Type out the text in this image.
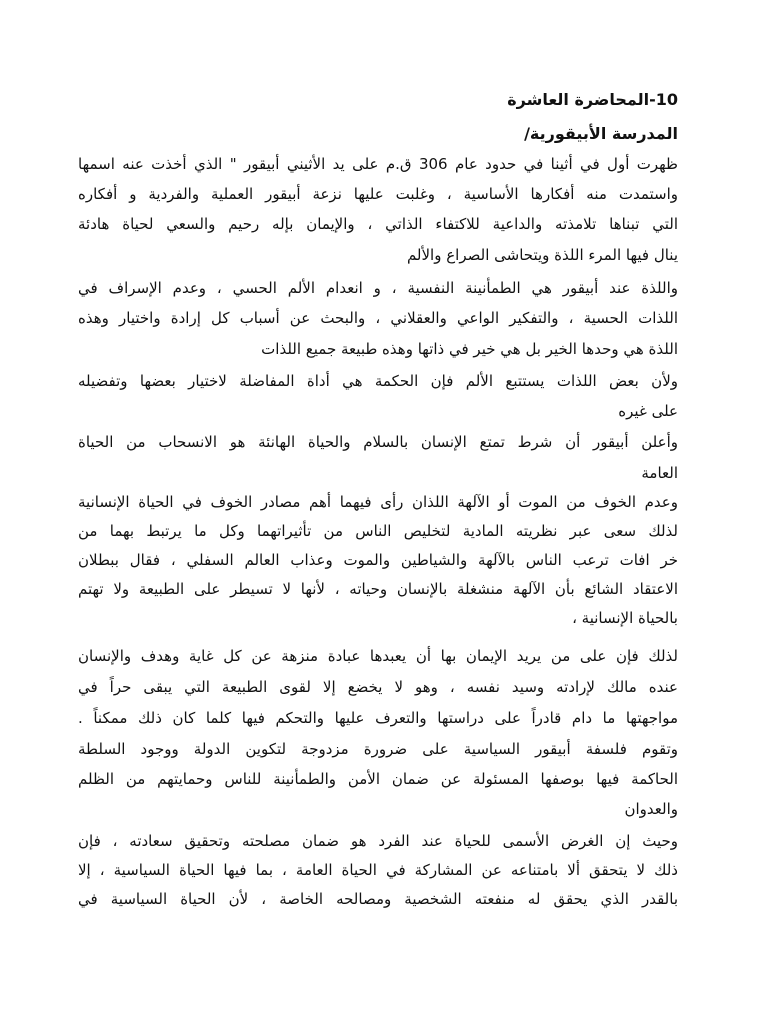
10-المحاضرة العاشرة
المدرسة الأبيقورية/
ظهرت أول في أثينا في حدود عام 306 ق.م على يد الأثيني أبيقور " الذي أخذت عنه اسمها
واستمدت منه أفكارها الأساسية ، وغلبت عليها نزعة أبيقور العملية والفردية و أفكاره
التي تبناها تلامذته والداعية للاكتفاء الذاتي ، والإيمان بإله رحيم والسعي لحياة هادئة
ينال فيها المرء اللذة ويتحاشى الصراع والألم
واللذة عند أبيقور هي الطمأنينة النفسية ، و انعدام الألم الحسي ، وعدم الإسراف في
اللذات الحسية ، والتفكير الواعي والعقلاني ، والبحث عن أسباب كل إرادة واختيار وهذه
اللذة هي وحدها الخير بل هي خير في ذاتها وهذه طبيعة جميع اللذات
ولأن بعض اللذات يستتبع الألم فإن الحكمة هي أداة المفاضلة لاختيار بعضها وتفضيله
على غيره
وأعلن أبيقور أن شرط تمتع الإنسان بالسلام والحياة الهانئة هو الانسحاب من الحياة
العامة
وعدم الخوف من الموت أو الآلهة اللذان رأى فيهما أهم مصادر الخوف في الحياة الإنسانية
لذلك سعى عبر نظريته المادية لتخليص الناس من تأثيراتهما وكل ما يرتبط بهما من
خر افات ترعب الناس بالآلهة والشياطين والموت وعذاب العالم السفلي ، فقال ببطلان
الاعتقاد الشائع بأن الآلهة منشغلة بالإنسان وحياته ، لأنها لا تسيطر على الطبيعة ولا تهتم
بالحياة الإنسانية ،
لذلك فإن على من يريد الإيمان بها أن يعبدها عبادة منزهة عن كل غاية وهدف والإنسان
عنده مالك لإرادته وسيد نفسه ، وهو لا يخضع إلا لقوى الطبيعة التي يبقى حراً في
مواجهتها ما دام قادراً على دراستها والتعرف عليها والتحكم فيها كلما كان ذلك ممكناً .
وتقوم فلسفة أبيقور السياسية على ضرورة مزدوجة لتكوين الدولة ووجود السلطة
الحاكمة فيها بوصفها المسئولة عن ضمان الأمن والطمأنينة للناس وحمايتهم من الظلم
والعدوان
وحيث إن الغرض الأسمى للحياة عند الفرد هو ضمان مصلحته وتحقيق سعادته ، فإن
ذلك لا يتحقق ألا بامتناعه عن المشاركة في الحياة العامة ، بما فيها الحياة السياسية ، إلا
بالقدر الذي يحقق له منفعته الشخصية ومصالحه الخاصة ، لأن الحياة السياسية في
